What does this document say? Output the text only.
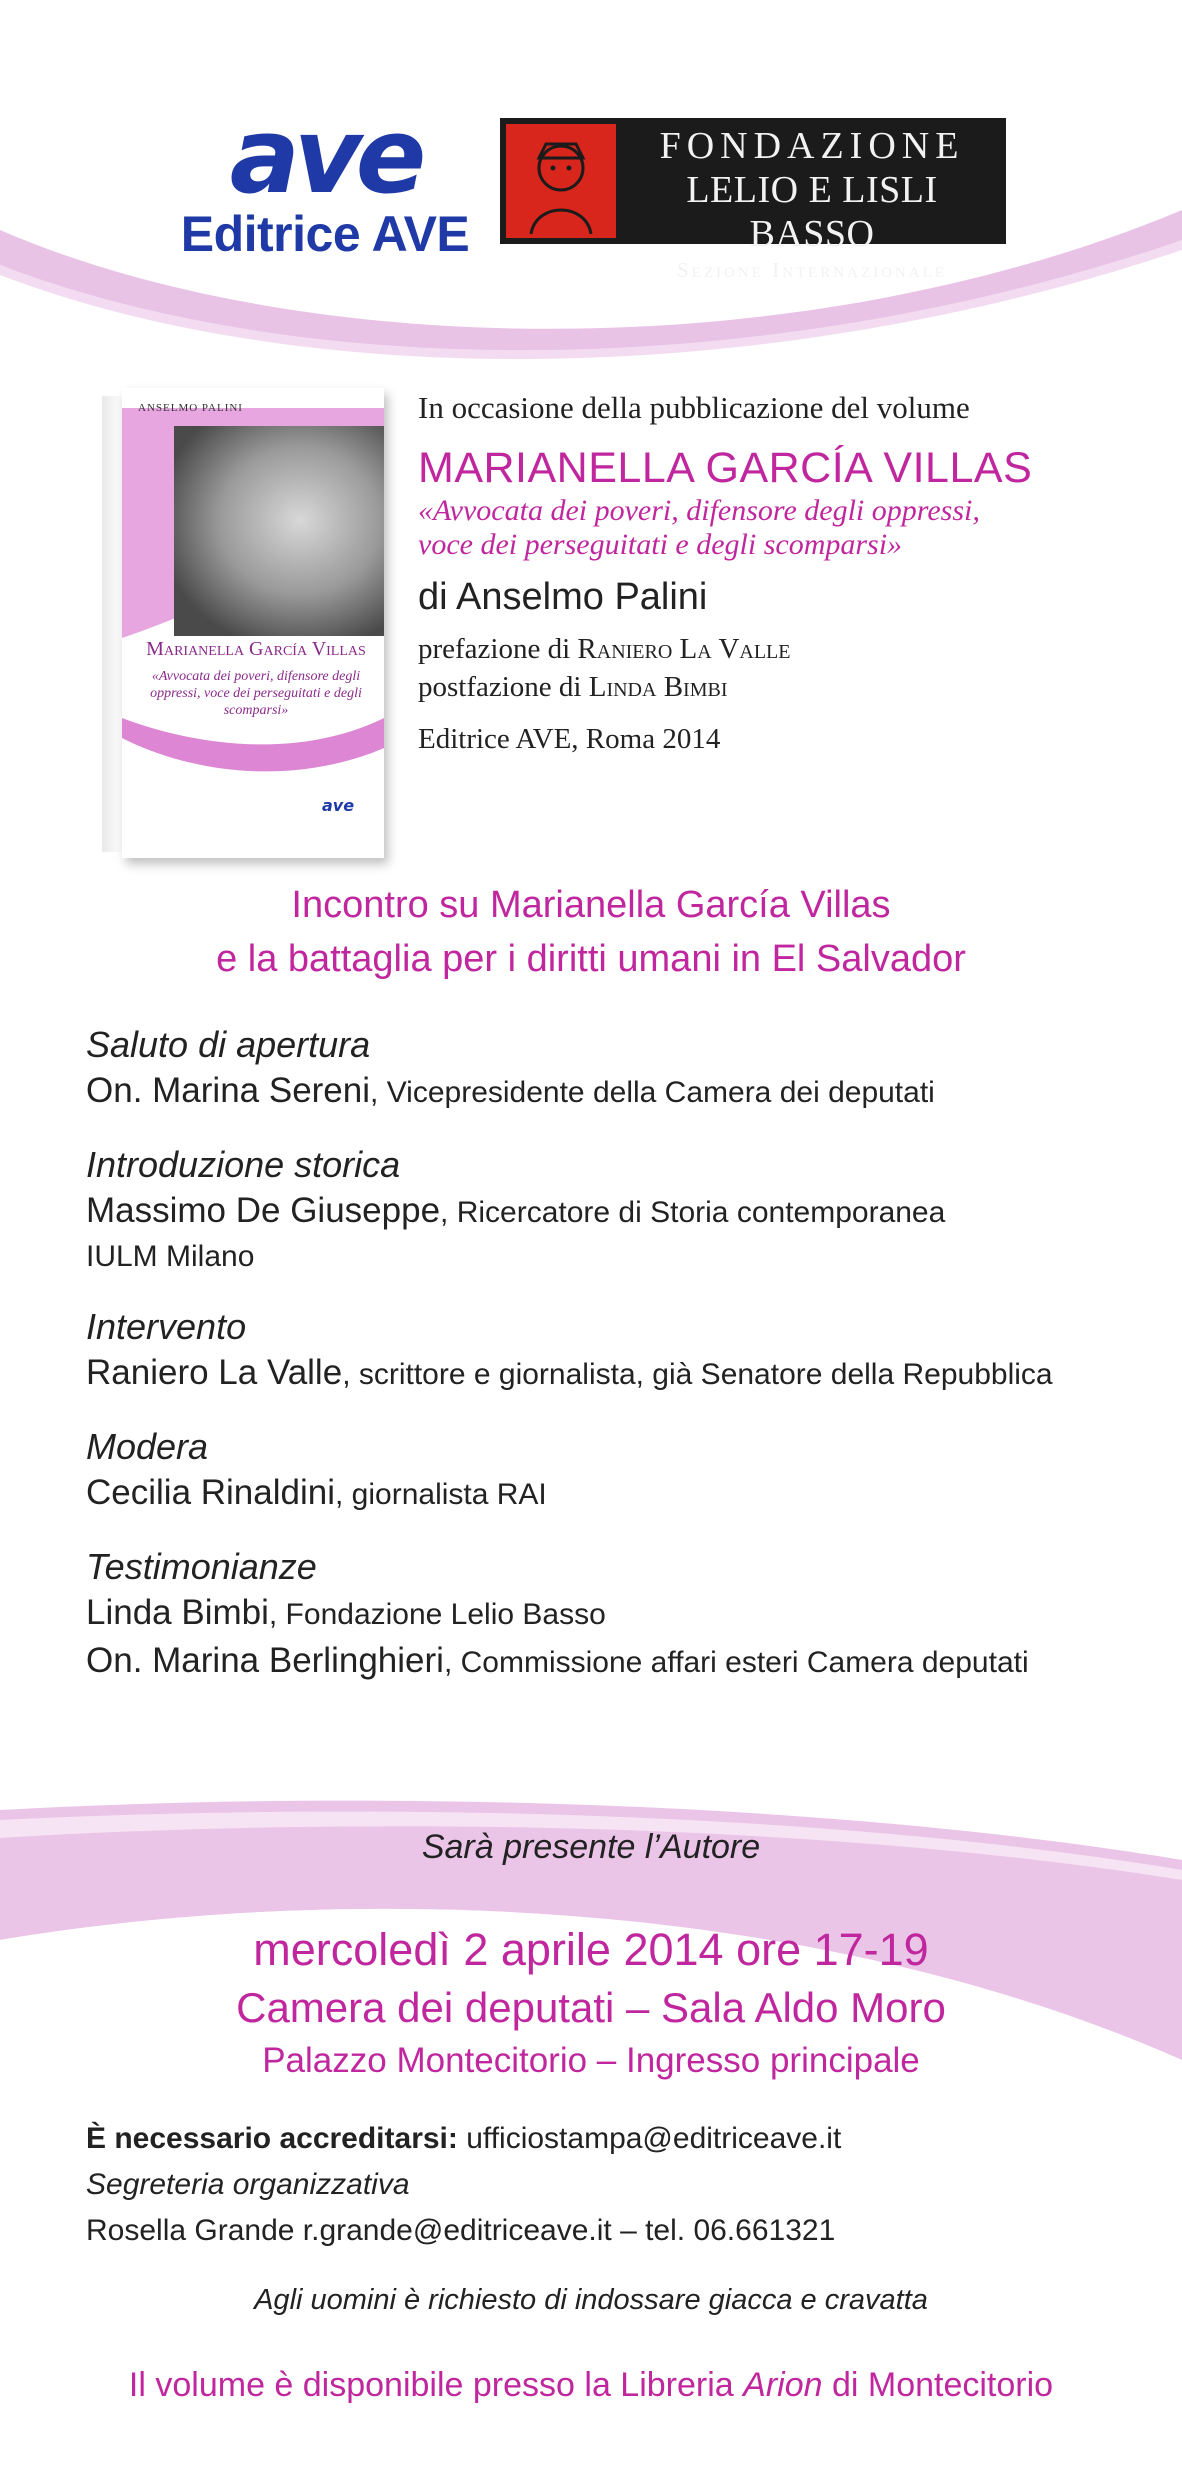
ave
Editrice AVE
FONDAZIONE
LELIO E LISLI BASSO
Sezione Internazionale
ANSELMO PALINI
Marianella García Villas
«Avvocata dei poveri, difensore degli oppressi, voce dei perseguitati e degli scomparsi»
ave
In occasione della pubblicazione del volume
MARIANELLA GARCÍA VILLAS
«Avvocata dei poveri, difensore degli oppressi,
voce dei perseguitati e degli scomparsi»
di Anselmo Palini
prefazione di Raniero La Valle
postfazione di Linda Bimbi
Editrice AVE, Roma 2014
Incontro su Marianella García Villas
e la battaglia per i diritti umani in El Salvador
Saluto di apertura
On. Marina Sereni, Vicepresidente della Camera dei deputati
Introduzione storica
Massimo De Giuseppe, Ricercatore di Storia contemporanea
IULM Milano
Intervento
Raniero La Valle, scrittore e giornalista, già Senatore della Repubblica
Modera
Cecilia Rinaldini, giornalista RAI
Testimonianze
Linda Bimbi, Fondazione Lelio Basso
On. Marina Berlinghieri, Commissione affari esteri Camera deputati
Sarà presente l’Autore
mercoledì 2 aprile 2014 ore 17-19
Camera dei deputati – Sala Aldo Moro
Palazzo Montecitorio – Ingresso principale
È necessario accreditarsi: ufficiostampa@editriceave.it
Segreteria organizzativa
Rosella Grande r.grande@editriceave.it – tel. 06.661321
Agli uomini è richiesto di indossare giacca e cravatta
Il volume è disponibile presso la Libreria Arion di Montecitorio
